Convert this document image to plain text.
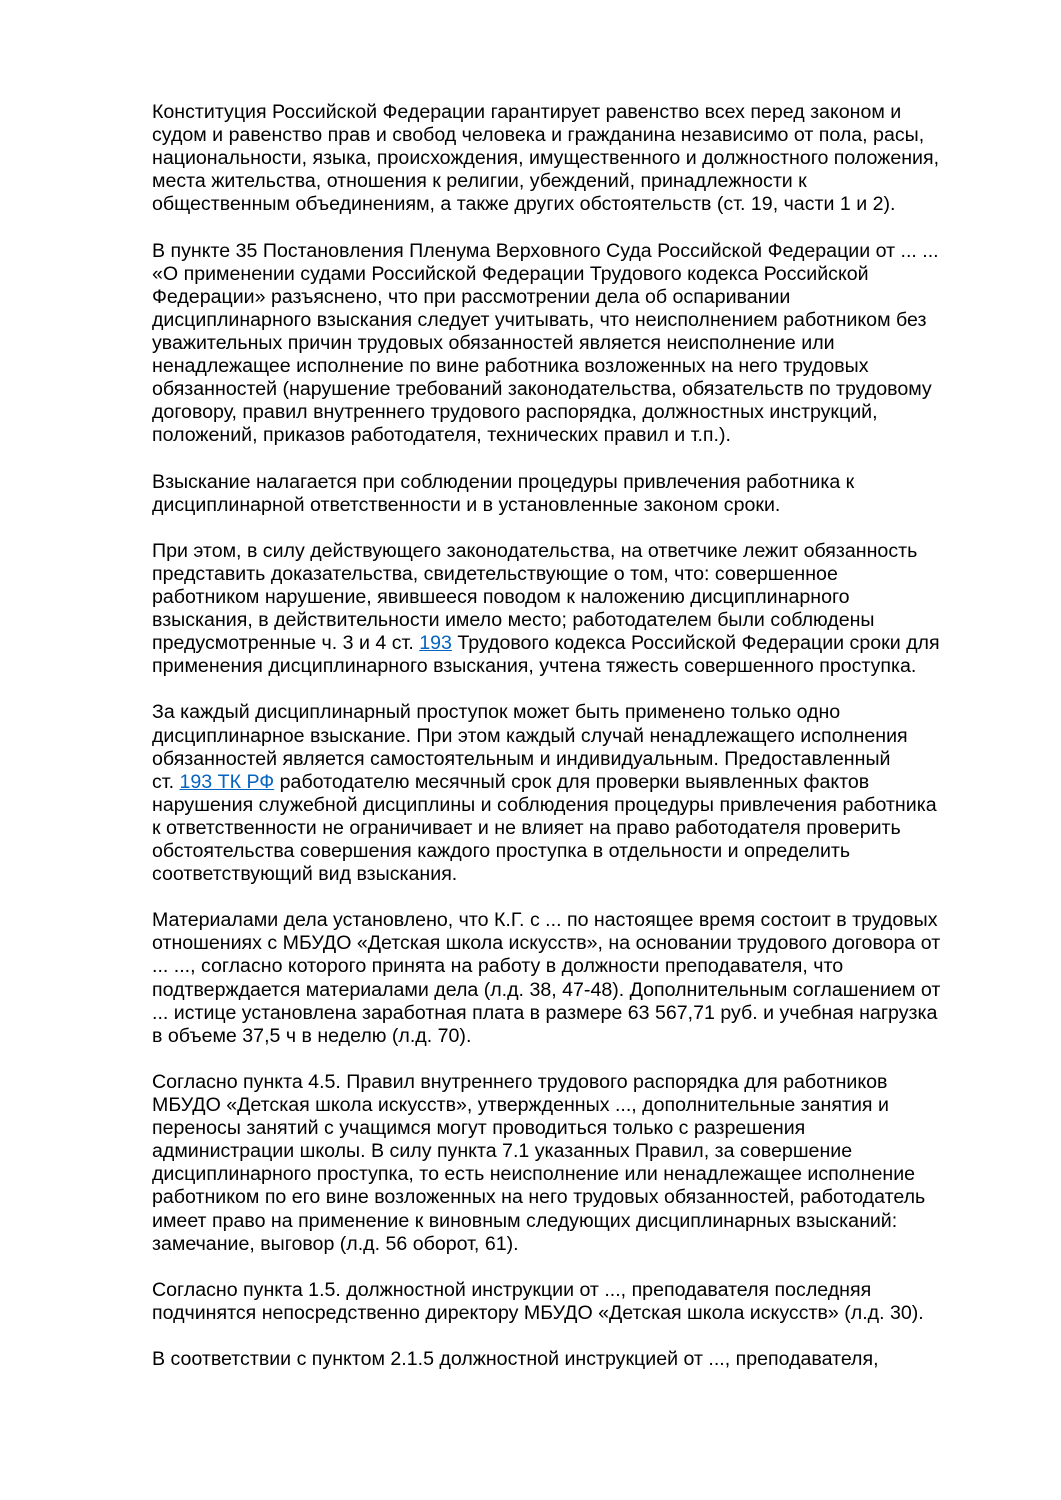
Конституция Российской Федерации гарантирует равенство всех перед законом и
судом и равенство прав и свобод человека и гражданина независимо от пола, расы,
национальности, языка, происхождения, имущественного и должностного положения,
места жительства, отношения к религии, убеждений, принадлежности к
общественным объединениям, а также других обстоятельств (ст. 19, части 1 и 2).
В пункте 35 Постановления Пленума Верховного Суда Российской Федерации от ... ...
«О применении судами Российской Федерации Трудового кодекса Российской
Федерации» разъяснено, что при рассмотрении дела об оспаривании
дисциплинарного взыскания следует учитывать, что неисполнением работником без
уважительных причин трудовых обязанностей является неисполнение или
ненадлежащее исполнение по вине работника возложенных на него трудовых
обязанностей (нарушение требований законодательства, обязательств по трудовому
договору, правил внутреннего трудового распорядка, должностных инструкций,
положений, приказов работодателя, технических правил и т.п.).
Взыскание налагается при соблюдении процедуры привлечения работника к
дисциплинарной ответственности и в установленные законом сроки.
При этом, в силу действующего законодательства, на ответчике лежит обязанность
представить доказательства, свидетельствующие о том, что: совершенное
работником нарушение, явившееся поводом к наложению дисциплинарного
взыскания, в действительности имело место; работодателем были соблюдены
предусмотренные ч. 3 и 4 ст. 193 Трудового кодекса Российской Федерации сроки для
применения дисциплинарного взыскания, учтена тяжесть совершенного проступка.
За каждый дисциплинарный проступок может быть применено только одно
дисциплинарное взыскание. При этом каждый случай ненадлежащего исполнения
обязанностей является самостоятельным и индивидуальным. Предоставленный
ст. 193 ТК РФ работодателю месячный срок для проверки выявленных фактов
нарушения служебной дисциплины и соблюдения процедуры привлечения работника
к ответственности не ограничивает и не влияет на право работодателя проверить
обстоятельства совершения каждого проступка в отдельности и определить
соответствующий вид взыскания.
Материалами дела установлено, что К.Г. с ... по настоящее время состоит в трудовых
отношениях с МБУДО «Детская школа искусств», на основании трудового договора от
... ..., согласно которого принята на работу в должности преподавателя, что
подтверждается материалами дела (л.д. 38, 47-48). Дополнительным соглашением от
... истице установлена заработная плата в размере 63 567,71 руб. и учебная нагрузка
в объеме 37,5 ч в неделю (л.д. 70).
Согласно пункта 4.5. Правил внутреннего трудового распорядка для работников
МБУДО «Детская школа искусств», утвержденных ..., дополнительные занятия и
переносы занятий с учащимся могут проводиться только с разрешения
администрации школы. В силу пункта 7.1 указанных Правил, за совершение
дисциплинарного проступка, то есть неисполнение или ненадлежащее исполнение
работником по его вине возложенных на него трудовых обязанностей, работодатель
имеет право на применение к виновным следующих дисциплинарных взысканий:
замечание, выговор (л.д. 56 оборот, 61).
Согласно пункта 1.5. должностной инструкции от ..., преподавателя последняя
подчинятся непосредственно директору МБУДО «Детская школа искусств» (л.д. 30).
В соответствии с пунктом 2.1.5 должностной инструкцией от ..., преподавателя,
